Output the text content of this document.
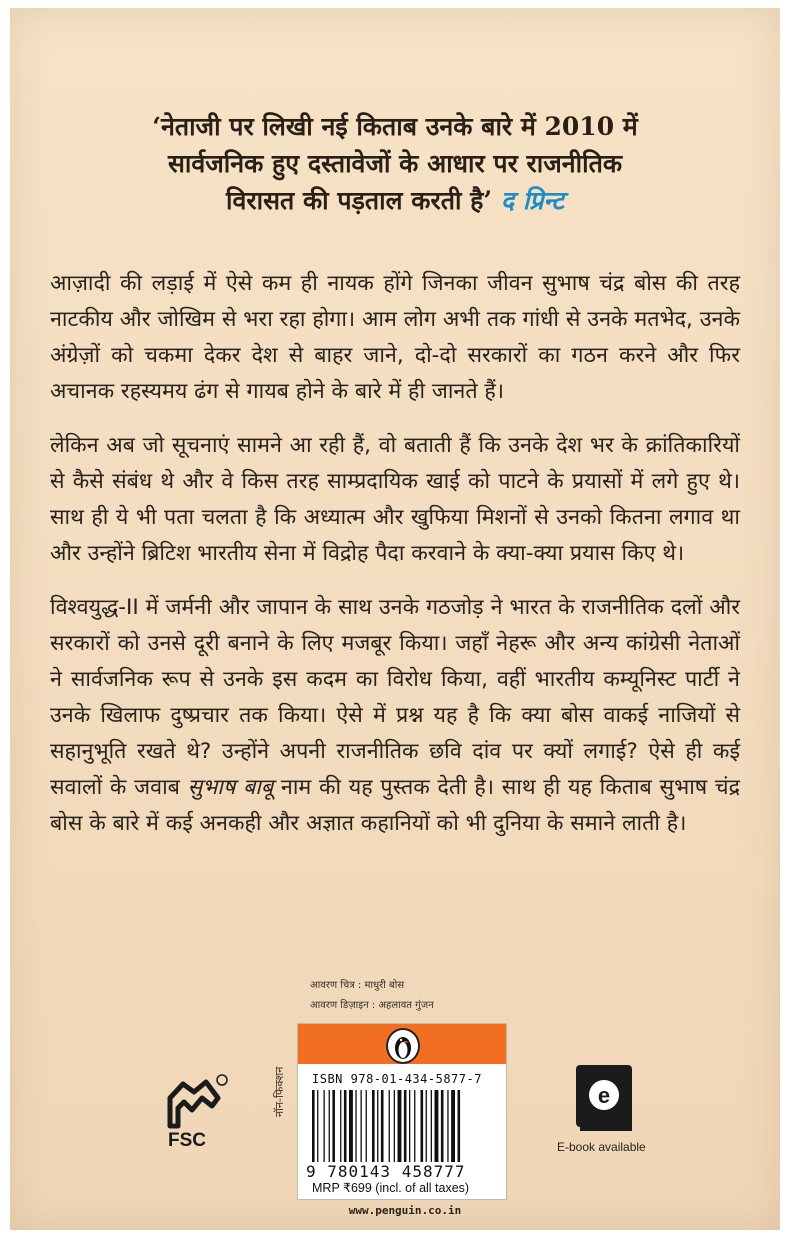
‘नेताजी पर लिखी नई किताब उनके बारे में 2010 में
सार्वजनिक हुए दस्तावेजों के आधार पर राजनीतिक
विरासत की पड़ताल करती है’ द प्रिन्ट

आज़ादी की लड़ाई में ऐसे कम ही नायक होंगे जिनका जीवन सुभाष चंद्र बोस की तरह नाटकीय और जोखिम से भरा रहा होगा। आम लोग अभी तक गांधी से उनके मतभेद, उनके अंग्रेज़ों को चकमा देकर देश से बाहर जाने, दो-दो सरकारों का गठन करने और फिर अचानक रहस्यमय ढंग से गायब होने के बारे में ही जानते हैं।

लेकिन अब जो सूचनाएं सामने आ रही हैं, वो बताती हैं कि उनके देश भर के क्रांतिकारियों से कैसे संबंध थे और वे किस तरह साम्प्रदायिक खाई को पाटने के प्रयासों में लगे हुए थे। साथ ही ये भी पता चलता है कि अध्यात्म और खुफिया मिशनों से उनको कितना लगाव था और उन्होंने ब्रिटिश भारतीय सेना में विद्रोह पैदा करवाने के क्या-क्या प्रयास किए थे।

विश्वयुद्ध-II में जर्मनी और जापान के साथ उनके गठजोड़ ने भारत के राजनीतिक दलों और सरकारों को उनसे दूरी बनाने के लिए मजबूर किया। जहाँ नेहरू और अन्य कांग्रेसी नेताओं ने सार्वजनिक रूप से उनके इस कदम का विरोध किया, वहीं भारतीय कम्यूनिस्ट पार्टी ने उनके खिलाफ दुष्प्रचार तक किया। ऐसे में प्रश्न यह है कि क्या बोस वाकई नाजियों से सहानुभूति रखते थे? उन्होंने अपनी राजनीतिक छवि दांव पर क्यों लगाई? ऐसे ही कई सवालों के जवाब सुभाष बाबू नाम की यह पुस्तक देती है। साथ ही यह किताब सुभाष चंद्र बोस के बारे में कई अनकही और अज्ञात कहानियों को भी दुनिया के समाने लाती है।

आवरण चित्र : माधुरी बोस
आवरण डिज़ाइन : अहलावत गुंजन
FSC
नॉन-फिक्शन	ISBN 978-01-434-5877-7
9 780143 458777
MRP ₹699 (incl. of all taxes)
www.penguin.co.in
e
E-book available
